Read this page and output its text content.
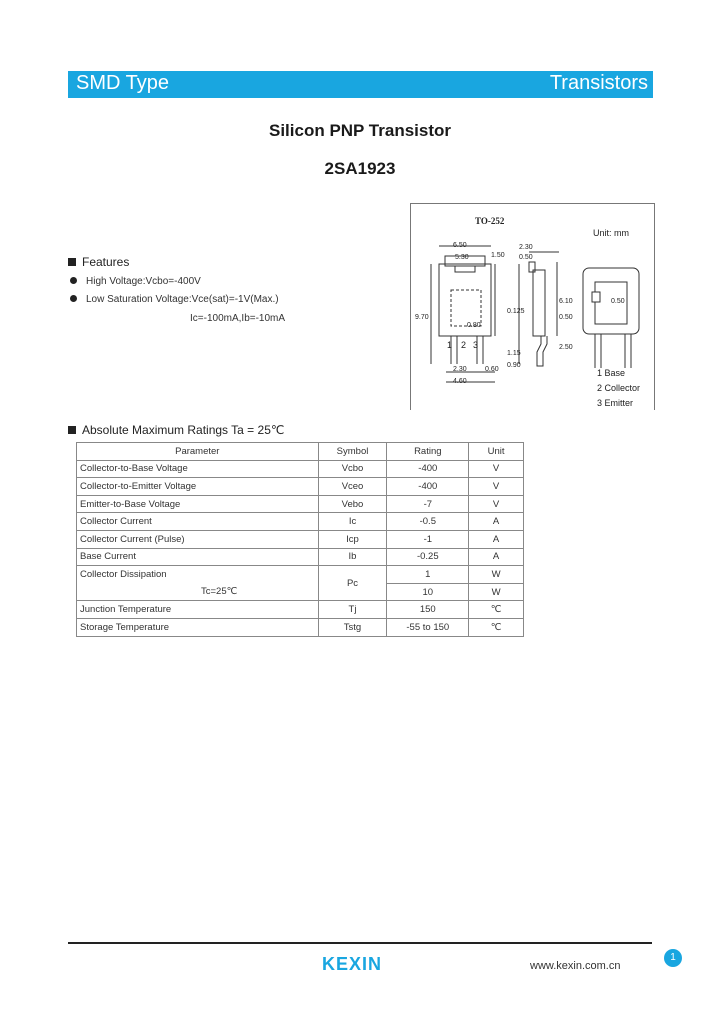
SMD Type	Transistors
Silicon PNP Transistor
2SA1923
TO-252
Unit: mm
6.50
5.30
2.30
0.50
1.50
9.70
0.80
1.15
0.50
0.60
2.30
4.60
0.125
2.50
6.10
0.90
0.50
1 2 3
1 Base
2 Collector
3 Emitter
Features
High Voltage:Vcbo=-400V
Low Saturation Voltage:Vce(sat)=-1V(Max.)
Ic=-100mA,Ib=-10mA
Absolute Maximum Ratings Ta = 25℃
Parameter	Symbol	Rating	Unit
Collector-to-Base Voltage	Vcbo	-400	V
Collector-to-Emitter Voltage	Vceo	-400	V
Emitter-to-Base Voltage	Vebo	-7	V
Collector Current	Ic	-0.5	A
Collector Current (Pulse)	Icp	-1	A
Base Current	Ib	-0.25	A
Collector Dissipation	Pc	1	W
Tc=25℃		10	W
Junction Temperature	Tj	150	℃
Storage Temperature	Tstg	-55 to 150	℃
KEXIN	www.kexin.com.cn
1
